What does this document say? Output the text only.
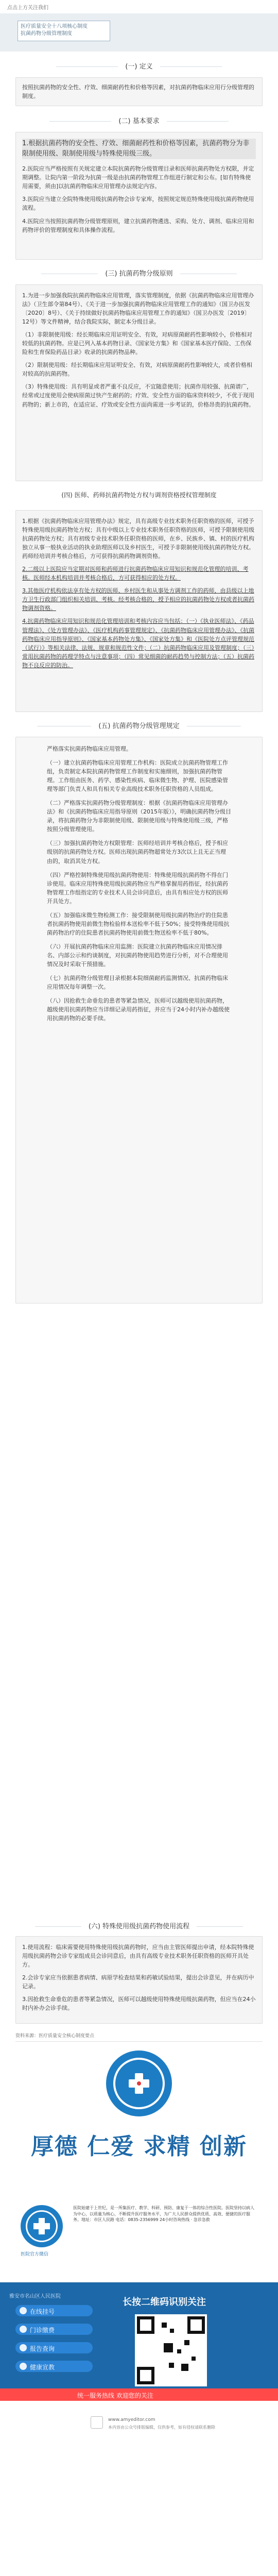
点击上方关注我们
医疗质量安全十八项核心制度
抗菌药物分级管理制度
(一) 定义

按照抗菌药物的安全性、疗效、细菌耐药性和价格等因素，对抗菌药物临床应用行分级管理的制度。

(二) 基本要求

1.根据抗菌药物的安全性、疗效、细菌耐药性和价格等因素，抗菌药物分为非限制使用级、限制使用级与特殊使用级三级。

2.医院应当严格按照有关规定建立本院抗菌药物分级管理目录和医师抗菌药物处方权限，并定期调整。让院内第一阶段为抗菌一级是由抗菌药物管理工作组进行制定和公布。[如有特殊使用需要，须由]以抗菌药物临床应用管理办法规定内容。

3.医院应当建立全院特殊使用级抗菌药物会诊专家库，按照规定规范特殊使用级抗菌药物使用流程。

4.医院应当按照抗菌药物分级管理原则，建立抗菌药物遴选、采购、处方、调剂、临床应用和药物评价的管理制度和具体操作流程。

(三) 抗菌药物分级原则

1.为进一步加强我院抗菌药物临床应用管理，落实管理制度，依据《抗菌药物临床应用管理办法》（卫生部令第84号）、《关于进一步加强抗菌药物临床应用管理工作的通知》（国卫办医发〔2020〕8号）、《关于持续做好抗菌药物临床应用管理工作的通知》（国卫办医发〔2019〕12号）等文件精神，结合我院实际，制定本分级目录。

（1）非限制使用级：经长期临床应用证明安全、有效，对病原菌耐药性影响较小，价格相对较低的抗菌药物。应是已列入基本药物目录、《国家处方集》和《国家基本医疗保险、工伤保险和生育保险药品目录》收录的抗菌药物品种。

（2）限制使用级：经长期临床应用证明安全、有效，对病原菌耐药性影响较大，或者价格相对较高的抗菌药物。

（3）特殊使用级：具有明显或者严重不良反应，不宜随意使用；抗菌作用较强、抗菌谱广，经常或过度使用会使病原菌过快产生耐药的；疗效、安全性方面的临床资料较少，不优于现用药物的；新上市的，在适应证、疗效或安全性方面尚需进一步考证的，价格昂贵的抗菌药物。

(四) 医师、药师抗菌药物处方权与调剂资格授权管理制度

1.根据《抗菌药物临床应用管理办法》规定，具有高级专业技术职务任职资格的医师，可授予特殊使用级抗菌药物处方权；具有中级以上专业技术职务任职资格的医师，可授予限制使用级抗菌药物处方权；具有初级专业技术职务任职资格的医师，在乡、民族乡、镇、村的医疗机构独立从事一般执业活动的执业助理医师以及乡村医生，可授予非限制使用级抗菌药物处方权。药师经培训并考核合格后，方可获得抗菌药物调剂资格。

2.二级以上医院应当定期对医师和药师进行抗菌药物临床应用知识和规范化管理的培训、考核。医师经本机构培训并考核合格后，方可获得相应的处方权。

3.其他医疗机构依法享有处方权的医师、乡村医生和从事处方调剂工作的药师，由县级以上地方卫生行政部门组织相关培训、考核。经考核合格的，授予相应的抗菌药物处方权或者抗菌药物调剂资格。

4.抗菌药物临床应用知识和规范化管理培训和考核内容应当包括：（一）《执业医师法》、《药品管理法》、《处方管理办法》、《医疗机构药事管理规定》、《抗菌药物临床应用管理办法》、《抗菌药物临床应用指导原则》、《国家基本药物处方集》、《国家处方集》和《医院处方点评管理规范（试行）》等相关法律、法规、规章和规范性文件；（二）抗菌药物临床应用及管理制度；（三）常用抗菌药物的药理学特点与注意事项；（四）常见细菌的耐药趋势与控制方法；（五）抗菌药物不良反应的防治。

(五) 抗菌药物分级管理规定

严格落实抗菌药物临床应用管理。

（一）建立抗菌药物临床应用管理工作机构：医院成立抗菌药物管理工作组，负责制定本院抗菌药物管理工作制度和实施细则，加强抗菌药物管理。工作组由医务、药学、感染性疾病、临床微生物、护理、医院感染管理等部门负责人和具有相关专业高级技术职务任职资格的人员组成。

（二）严格落实抗菌药物分级管理制度：根据《抗菌药物临床应用管理办法》和《抗菌药物临床应用指导原则（2015年版）》，明确抗菌药物分级目录，将抗菌药物分为非限制使用级、限制使用级与特殊使用级三级，严格按照分级管理使用。

（三）加强抗菌药物处方权限管理：医师经培训并考核合格后，授予相应级别的抗菌药物处方权。医师出现抗菌药物超常处方3次以上且无正当理由的，取消其处方权。

（四）严格控制特殊使用级抗菌药物使用：特殊使用级抗菌药物不得在门诊使用。临床应用特殊使用级抗菌药物应当严格掌握用药指征，经抗菌药物管理工作组指定的专业技术人员会诊同意后，由具有相应处方权的医师开具处方。

（五）加强临床微生物检测工作：接受限制使用级抗菌药物治疗的住院患者抗菌药物使用前微生物检验样本送检率不低于50%；接受特殊使用级抗菌药物治疗的住院患者抗菌药物使用前微生物送检率不低于80%。

（六）开展抗菌药物临床应用监测：医院建立抗菌药物临床应用情况排名、内部公示和约谈制度，对抗菌药物使用趋势进行分析，对不合理使用情况及时采取干预措施。

（七）抗菌药物分级管理目录根据本院细菌耐药监测情况、抗菌药物临床应用情况每年调整一次。

（八）因抢救生命垂危的患者等紧急情况，医师可以越级使用抗菌药物，越级使用抗菌药物应当详细记录用药指征，并应当于24小时内补办越级使用抗菌药物的必要手续。

(六) 特殊使用级抗菌药物使用流程

1.使用流程：临床需要使用特殊使用级抗菌药物时，应当由主管医师提出申请，经本院特殊使用级抗菌药物会诊专家组成员会诊同意后，由具有高级专业技术职务任职资格的医师开具处方。

2.会诊专家应当依据患者病情、病原学检查结果和药敏试验结果，提出会诊意见，并在病历中记录。

3.因抢救生命垂危的患者等紧急情况，医师可以越级使用特殊使用级抗菌药物，但应当在24小时内补办会诊手续。

资料来源：医疗质量安全核心制度要点
厚德 仁爱 求精 创新
医院官方微信
医院始建于上世纪，是一所集医疗、教学、科研、预防、康复于一体的综合性医院。医院坚持以病人为中心，以质量为核心，不断提升医疗服务水平，为广大人民群众提供优质、高效、便捷的医疗服务。地址：市区人民路 电话：0835-2356999 24小时咨询热线 · 急诊急救
雅安市名山区人民医院
在线挂号
门诊缴费
报告查询
健康宣教
长按二维码识别关注
统一服务热线 欢迎您的关注
www.amyeditor.com
本内容由公众号排版编辑，仅供参考，如有侵权请联系删除
